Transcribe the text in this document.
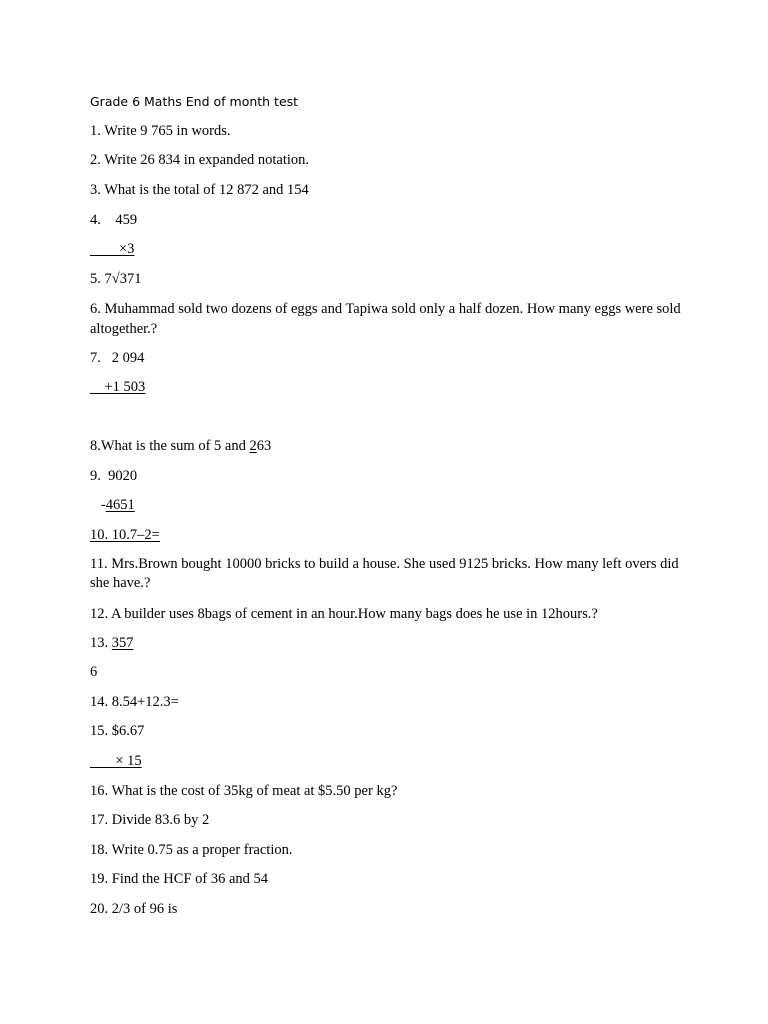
Grade 6 Maths End of month test
1. Write 9 765 in words.
2. Write 26 834 in expanded notation.
3. What is the total of 12 872 and 154
4.    459
×3
5. 7√371
6. Muhammad sold two dozens of eggs and Tapiwa sold only a half dozen. How many eggs were sold altogether.?
7.   2 094
+1 503
8.What is the sum of 5 and 263
9.  9020
-4651
10. 10.7–2=
11. Mrs.Brown bought 10000 bricks to build a house. She used 9125 bricks. How many left overs did she have.?
12. A builder uses 8bags of cement in an hour.How many bags does he use in 12hours.?
13. 357
6
14. 8.54+12.3=
15. $6.67
× 15
16. What is the cost of 35kg of meat at $5.50 per kg?
17. Divide 83.6 by 2
18. Write 0.75 as a proper fraction.
19. Find the HCF of 36 and 54
20. 2/3 of 96 is
